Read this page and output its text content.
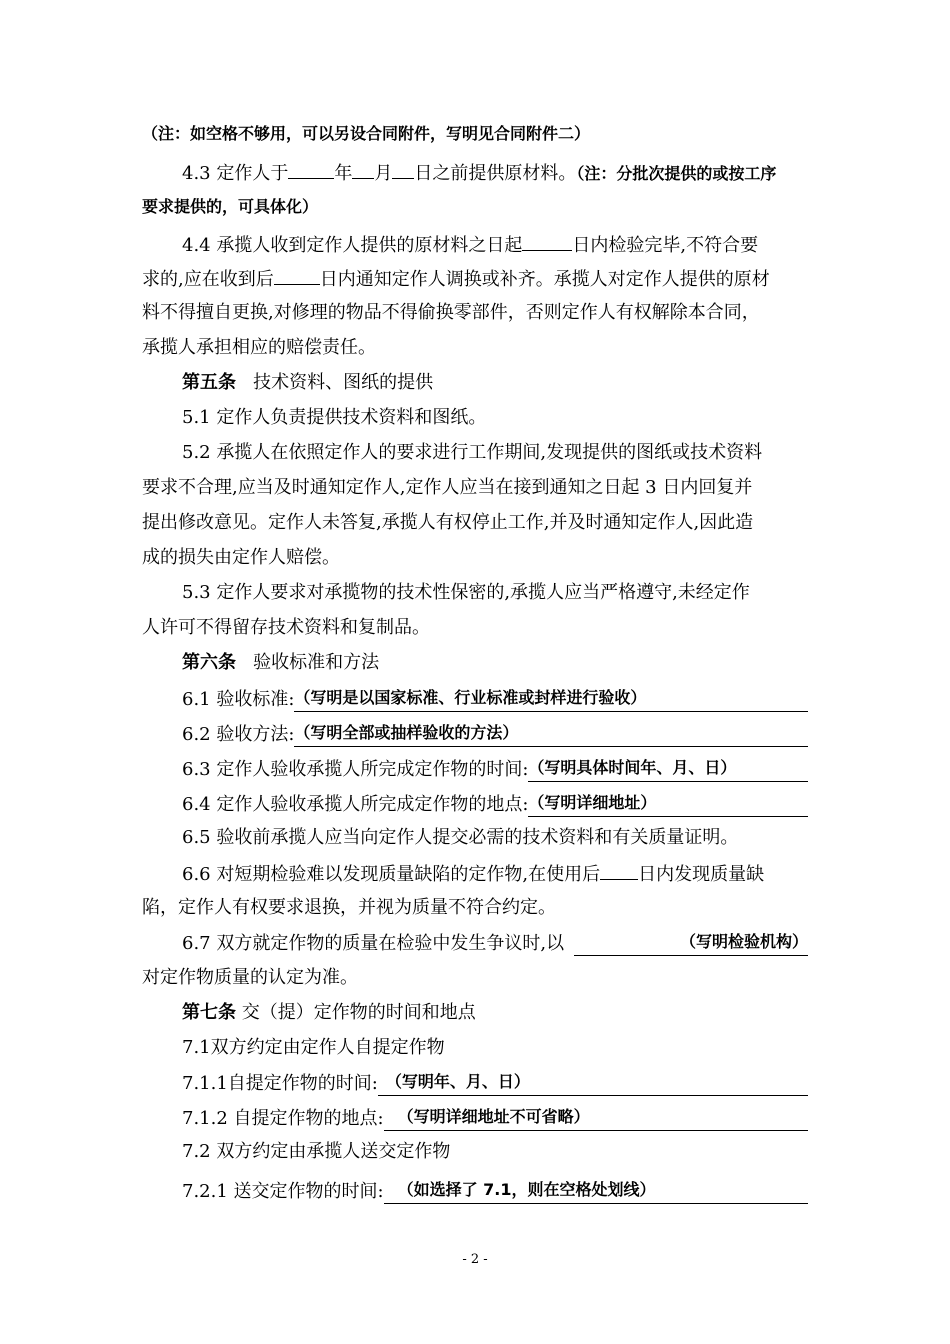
（注：如空格不够用，可以另设合同附件，写明见合同附件二）
4.3 定作人于	年 月 日之前提供原材料。（注：分批次提供的或按工序
要求提供的，可具体化）
4.4 承揽人收到定作人提供的原材料之日起	日内检验完毕,不符合要
求的,应在收到后	日内通知定作人调换或补齐。承揽人对定作人提供的原材
料不得擅自更换,对修理的物品不得偷换零部件，否则定作人有权解除本合同，
承揽人承担相应的赔偿责任。
第五条 技术资料、图纸的提供
5.1 定作人负责提供技术资料和图纸。
5.2 承揽人在依照定作人的要求进行工作期间,发现提供的图纸或技术资料
要求不合理,应当及时通知定作人,定作人应当在接到通知之日起 3 日内回复并
提出修改意见。定作人未答复,承揽人有权停止工作,并及时通知定作人,因此造
成的损失由定作人赔偿。
5.3 定作人要求对承揽物的技术性保密的,承揽人应当严格遵守,未经定作
人许可不得留存技术资料和复制品。
第六条 验收标准和方法
6.1 验收标准: （写明是以国家标准、行业标准或封样进行验收）
6.2 验收方法: （写明全部或抽样验收的方法）
6.3 定作人验收承揽人所完成定作物的时间: （写明具体时间年、月、日）
6.4 定作人验收承揽人所完成定作物的地点: （写明详细地址）
6.5 验收前承揽人应当向定作人提交必需的技术资料和有关质量证明。
6.6 对短期检验难以发现质量缺陷的定作物,在使用后 日内发现质量缺
陷，定作人有权要求退换，并视为质量不符合约定。
6.7 双方就定作物的质量在检验中发生争议时,以	（写明检验机构）
对定作物质量的认定为准。
第七条 交（提）定作物的时间和地点
7.1双方约定由定作人自提定作物
7.1.1自提定作物的时间: （写明年、月、日）
7.1.2 自提定作物的地点: （写明详细地址不可省略）
7.2 双方约定由承揽人送交定作物
7.2.1 送交定作物的时间: （如选择了 7.1，则在空格处划线）
- 2 -
